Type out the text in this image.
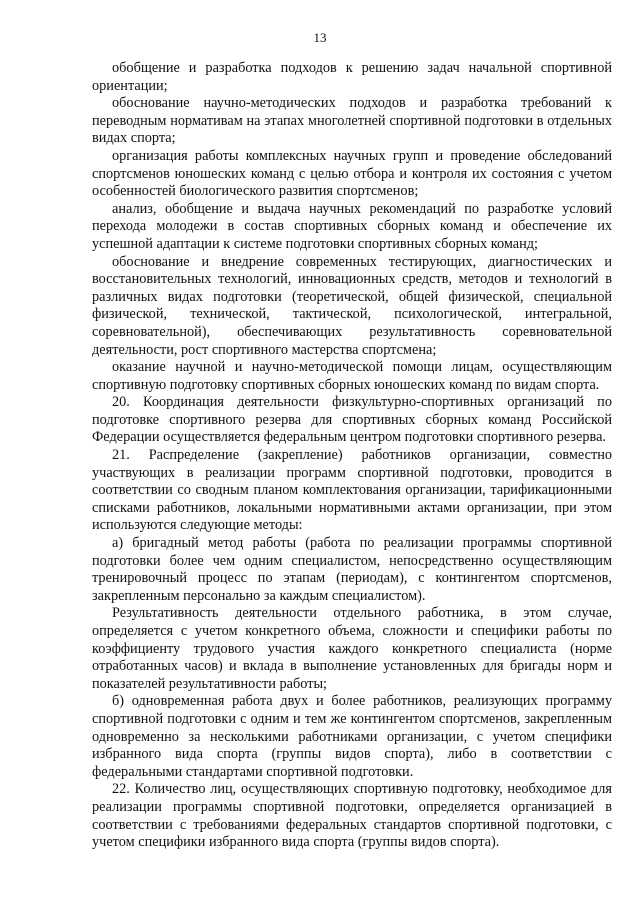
13

обобщение и разработка подходов к решению задач начальной спортивной ориентации;

обоснование научно-методических подходов и разработка требований к переводным нормативам на этапах многолетней спортивной подготовки в отдельных видах спорта;

организация работы комплексных научных групп и проведение обследований спортсменов юношеских команд с целью отбора и контроля их состояния с учетом особенностей биологического развития спортсменов;

анализ, обобщение и выдача научных рекомендаций по разработке условий перехода молодежи в состав спортивных сборных команд и обеспечение их успешной адаптации к системе подготовки спортивных сборных команд;

обоснование и внедрение современных тестирующих, диагностических и восстановительных технологий, инновационных средств, методов и технологий в различных видах подготовки (теоретической, общей физической, специальной физической, технической, тактической, психологической, интегральной, соревновательной), обеспечивающих результативность соревновательной деятельности, рост спортивного мастерства спортсмена;

оказание научной и научно-методической помощи лицам, осуществляющим спортивную подготовку спортивных сборных юношеских команд по видам спорта.

20. Координация деятельности физкультурно-спортивных организаций по подготовке спортивного резерва для спортивных сборных команд Российской Федерации осуществляется федеральным центром подготовки спортивного резерва.

21. Распределение (закрепление) работников организации, совместно участвующих в реализации программ спортивной подготовки, проводится в соответствии со сводным планом комплектования организации, тарификационными списками работников, локальными нормативными актами организации, при этом используются следующие методы:

а) бригадный метод работы (работа по реализации программы спортивной подготовки более чем одним специалистом, непосредственно осуществляющим тренировочный процесс по этапам (периодам), с контингентом спортсменов, закрепленным персонально за каждым специалистом).

Результативность деятельности отдельного работника, в этом случае, определяется с учетом конкретного объема, сложности и специфики работы по коэффициенту трудового участия каждого конкретного специалиста (норме отработанных часов) и вклада в выполнение установленных для бригады норм и показателей результативности работы;

б) одновременная работа двух и более работников, реализующих программу спортивной подготовки с одним и тем же контингентом спортсменов, закрепленным одновременно за несколькими работниками организации, с учетом специфики избранного вида спорта (группы видов спорта), либо в соответствии с федеральными стандартами спортивной подготовки.

22. Количество лиц, осуществляющих спортивную подготовку, необходимое для реализации программы спортивной подготовки, определяется организацией в соответствии с требованиями федеральных стандартов спортивной подготовки, с учетом специфики избранного вида спорта (группы видов спорта).
